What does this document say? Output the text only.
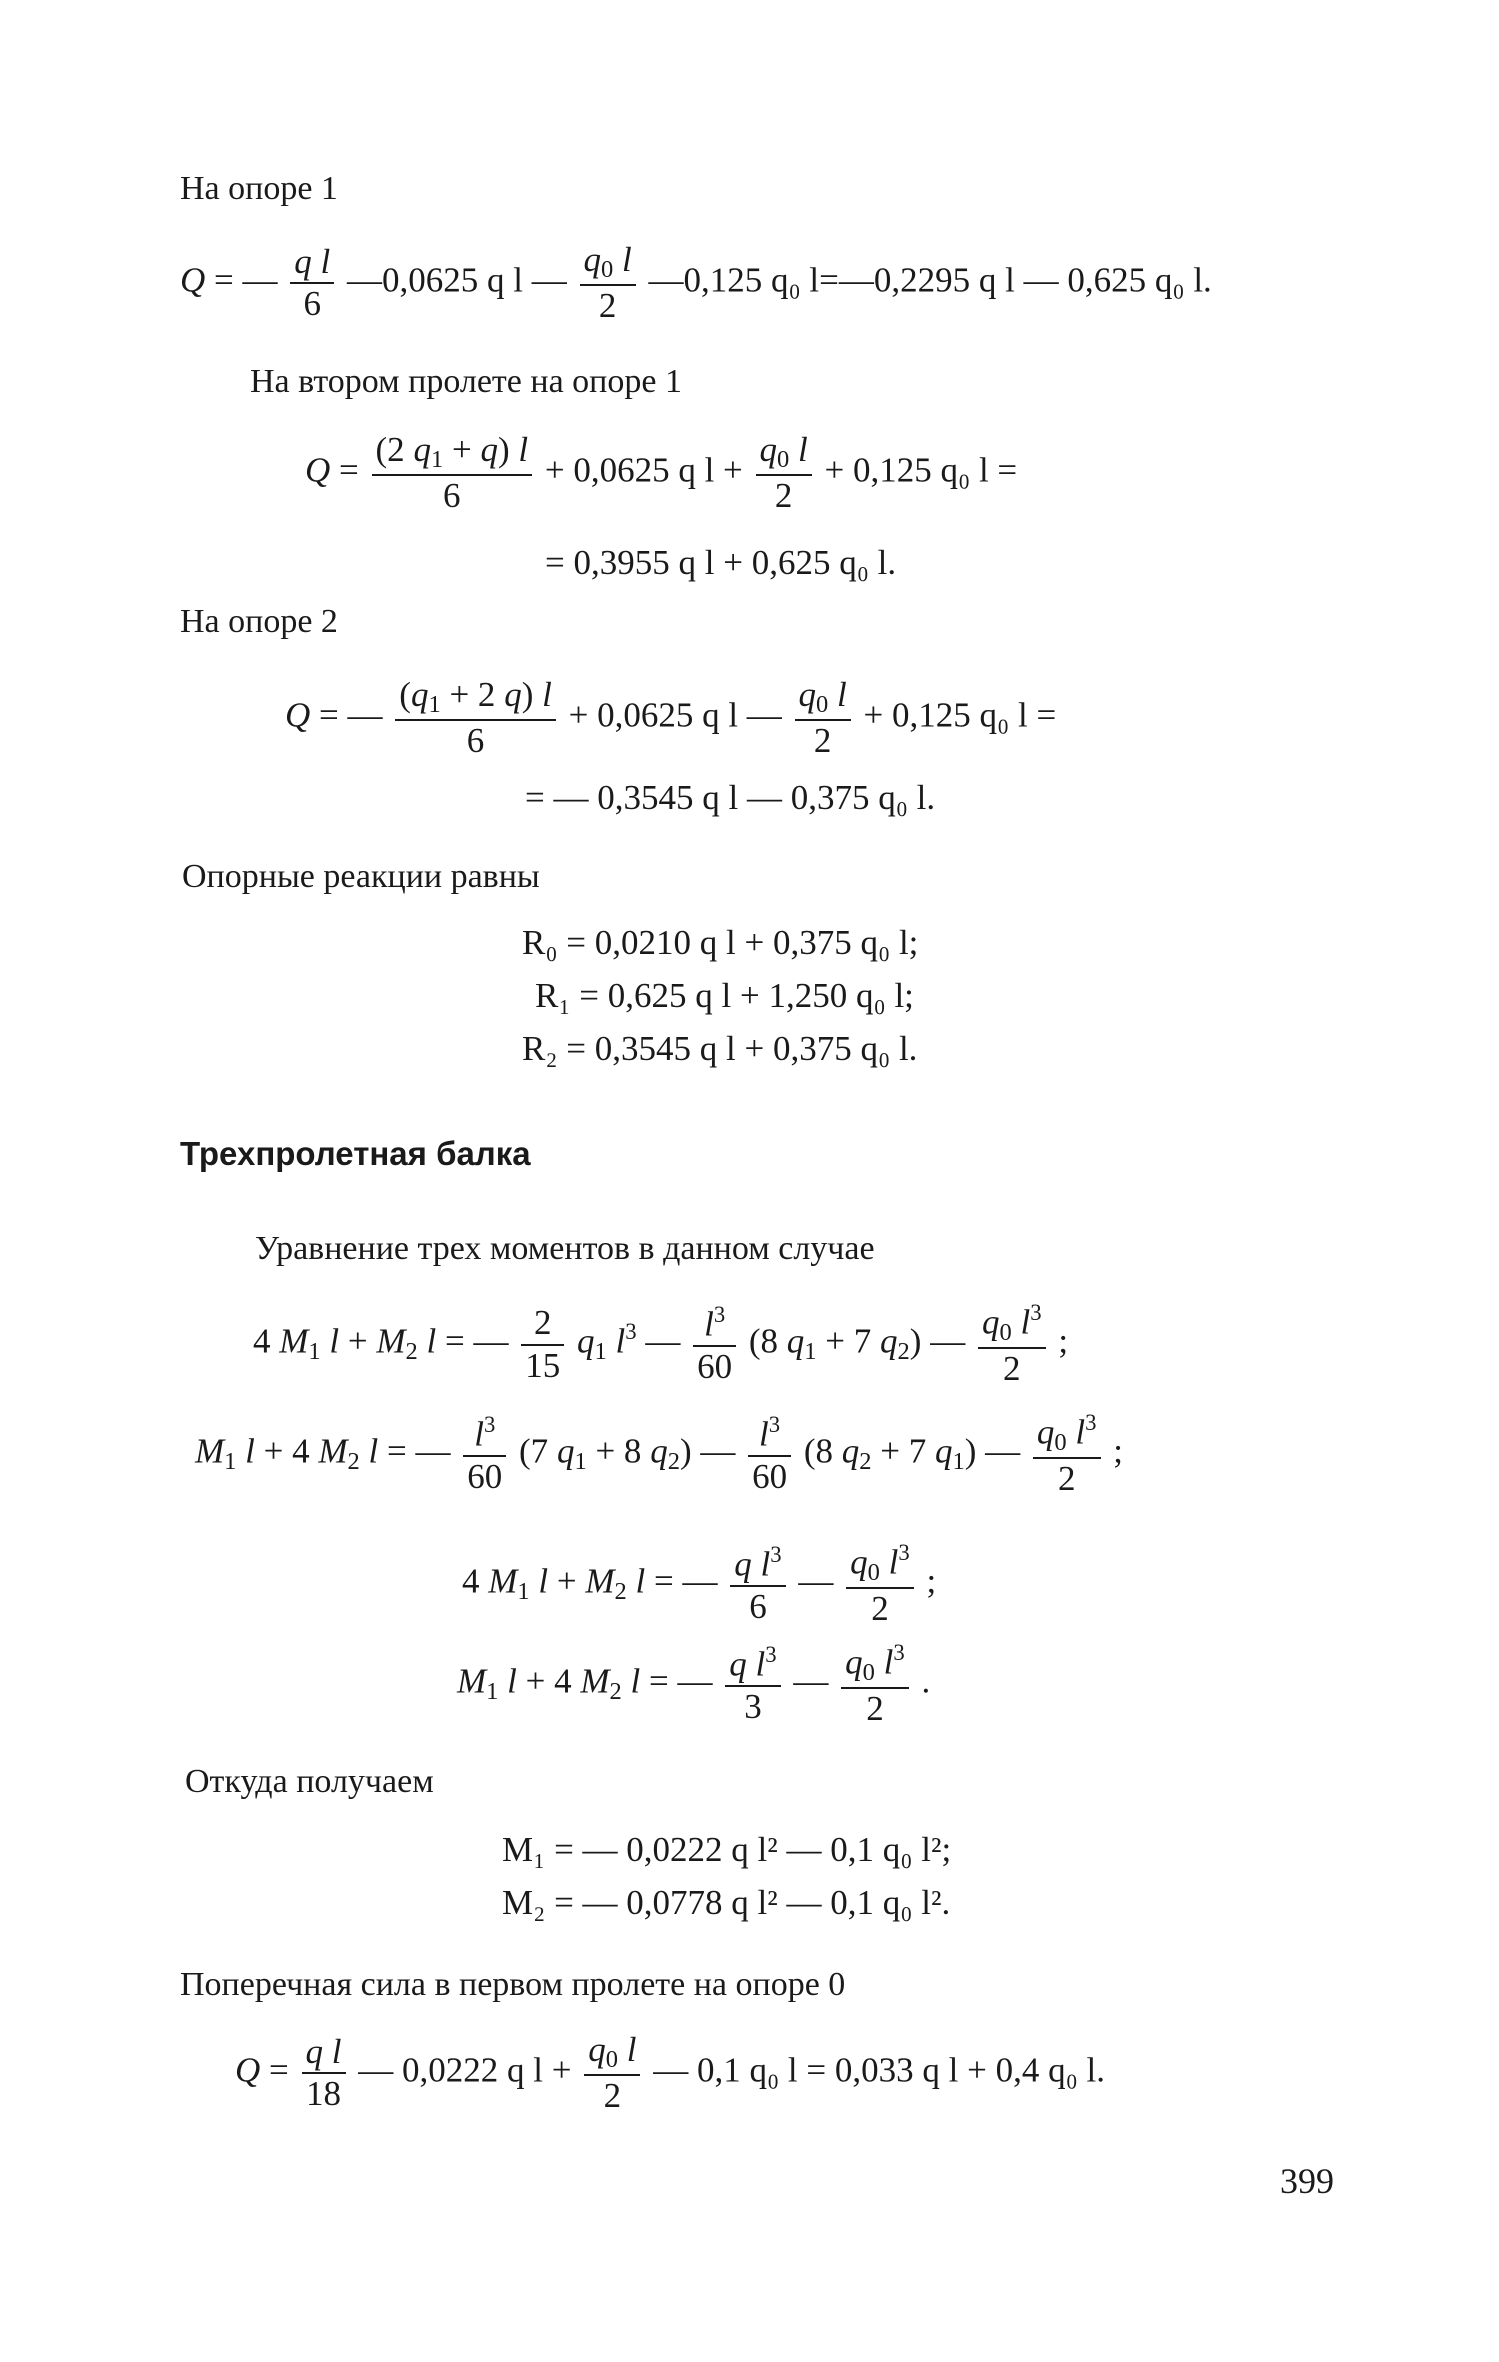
На опоре 1
Q = — $\frac{\text{q l}}{6}$ —0,0625 q l — $\frac{q_0 l}{2}$ —0,125 q₀ l=—0,2295 q l — 0,625 q₀ l.
На втором пролете на опоре 1
$Q = \frac{(2 q_1 + q) l}{6} + 0,0625$ q $l + \frac{q_0 l}{2} + 0,125$ q₀ l =
= 0,3955 q l + 0,625 q₀ l.
На опоре 2
Q = — $\frac{(q_1 + 2 q) l}{6} + 0,0625$ q l — $\frac{q_0 l}{2} + 0,125$ q₀ l =
= — 0,3545 q l — 0,375 q₀ l.
Опорные реакции равны
R₀ = 0,0210 q l + 0,375 q₀ l;
R₁ = 0,625 q l + 1,250 q₀ l;
R₂ = 0,3545 q l + 0,375 q₀ l.
Трехпролетная балка
Уравнение трех моментов в данном случае
4 $M_1$ $l + M_2$ l = — $\frac{2}{15} q_1$ $l^3$ — $\frac{l^3}{60} (8$ $q_1 + 7$ $q_2$) — $\frac{q_0 l^3}{2}$ ;
$M_1$ l + 4 $M_2$ l = — $\frac{l^3}{60} (7$ $q_1 + 8$ $q_2$) — $\frac{l^3}{60} (8$ $q_2 + 7$ $q_1$) — $\frac{q_0 l^3}{2}$ ;
4 $M_1$ $l + M_2$ l = — $\frac{q l^3}{6}$ — $\frac{q_0 l^3}{2}$ ;
$M_1$ l + 4 $M_2$ l = — $\frac{q l^3}{3}$ — $\frac{q_0 l^3}{2}$ .
Откуда получаем
M₁ = — 0,0222 q l² — 0,1 q₀ l²;
M₂ = — 0,0778 q l² — 0,1 q₀ l².
Поперечная сила в первом пролете на опоре 0
$Q = \frac{\text{q l}}{18}$ — 0,0222 q $l + \frac{q_0 l}{2}$ — 0,1 q₀ l = 0,033 q l + 0,4 q₀ l.
399
